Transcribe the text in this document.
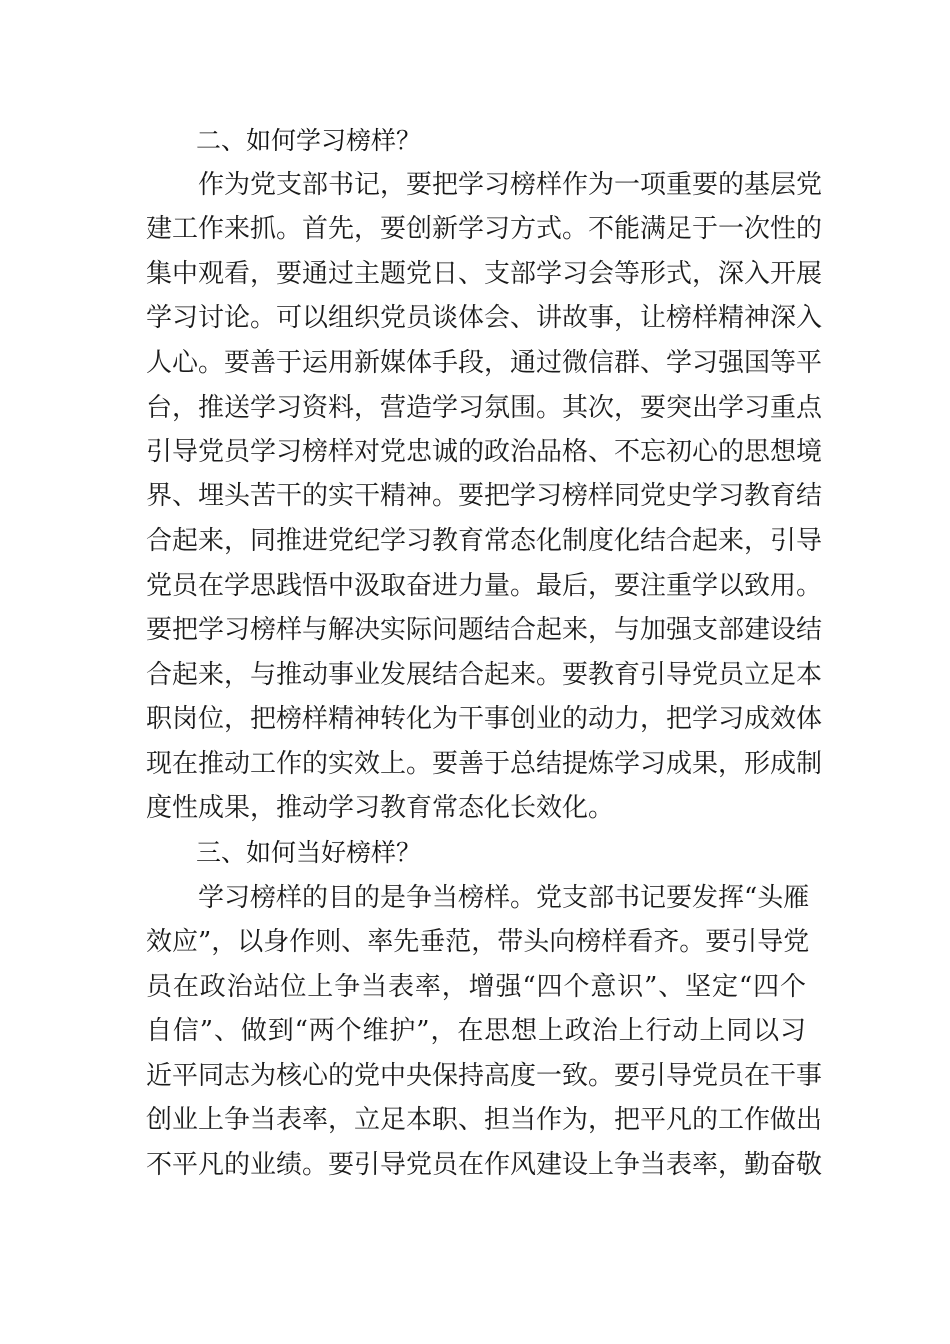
二、如何学习榜样？
作为党支部书记，要把学习榜样作为一项重要的基层党
建工作来抓。首先，要创新学习方式。不能满足于一次性的
集中观看，要通过主题党日、支部学习会等形式，深入开展
学习讨论。可以组织党员谈体会、讲故事，让榜样精神深入
人心。要善于运用新媒体手段，通过微信群、学习强国等平
台，推送学习资料，营造学习氛围。其次，要突出学习重点
引导党员学习榜样对党忠诚的政治品格、不忘初心的思想境
界、埋头苦干的实干精神。要把学习榜样同党史学习教育结
合起来，同推进党纪学习教育常态化制度化结合起来，引导
党员在学思践悟中汲取奋进力量。最后，要注重学以致用。
要把学习榜样与解决实际问题结合起来，与加强支部建设结
合起来，与推动事业发展结合起来。要教育引导党员立足本
职岗位，把榜样精神转化为干事创业的动力，把学习成效体
现在推动工作的实效上。要善于总结提炼学习成果，形成制
度性成果，推动学习教育常态化长效化。
三、如何当好榜样？
学习榜样的目的是争当榜样。党支部书记要发挥“头雁
效应”，以身作则、率先垂范，带头向榜样看齐。要引导党
员在政治站位上争当表率，增强“四个意识”、坚定“四个
自信”、做到“两个维护”，在思想上政治上行动上同以习
近平同志为核心的党中央保持高度一致。要引导党员在干事
创业上争当表率，立足本职、担当作为，把平凡的工作做出
不平凡的业绩。要引导党员在作风建设上争当表率，勤奋敬
